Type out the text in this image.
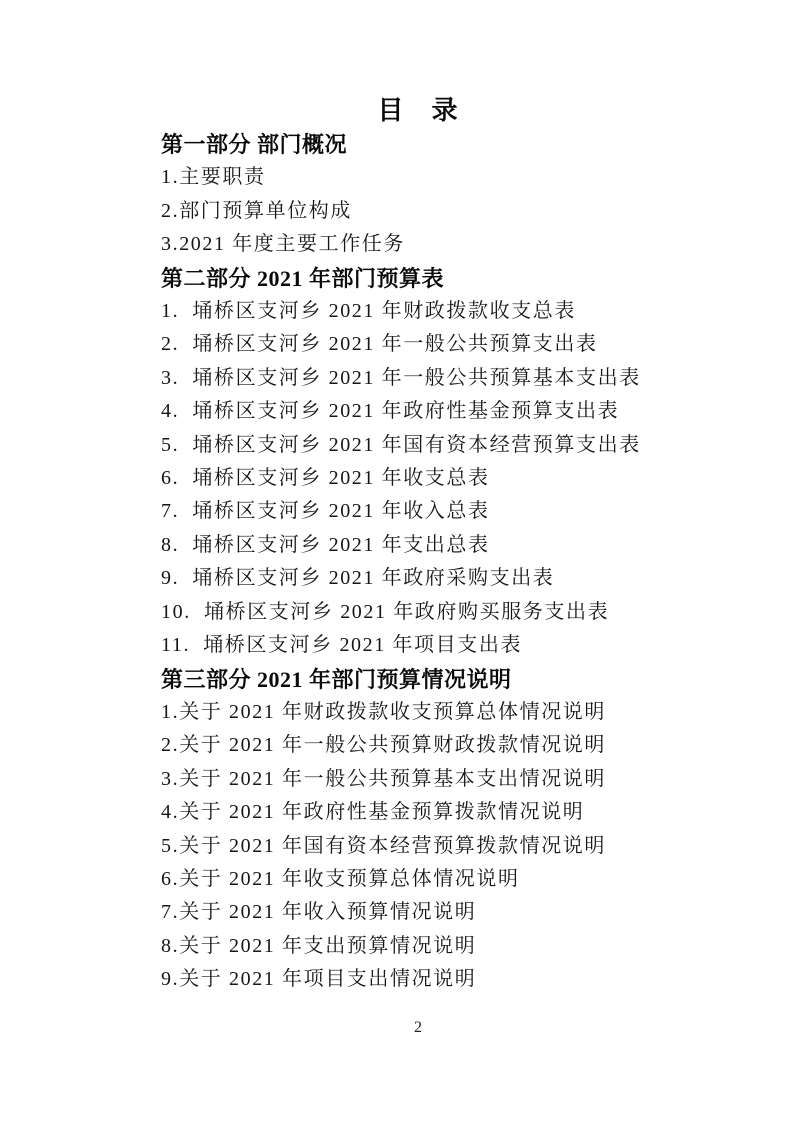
目　录
第一部分 部门概况
1.主要职责
2.部门预算单位构成
3.2021 年度主要工作任务
第二部分 2021 年部门预算表
1.  埇桥区支河乡 2021 年财政拨款收支总表
2.  埇桥区支河乡 2021 年一般公共预算支出表
3.  埇桥区支河乡 2021 年一般公共预算基本支出表
4.  埇桥区支河乡 2021 年政府性基金预算支出表
5.  埇桥区支河乡 2021 年国有资本经营预算支出表
6.  埇桥区支河乡 2021 年收支总表
7.  埇桥区支河乡 2021 年收入总表
8.  埇桥区支河乡 2021 年支出总表
9.  埇桥区支河乡 2021 年政府采购支出表
10.  埇桥区支河乡 2021 年政府购买服务支出表
11.  埇桥区支河乡 2021 年项目支出表
第三部分 2021 年部门预算情况说明
1.关于 2021 年财政拨款收支预算总体情况说明
2.关于 2021 年一般公共预算财政拨款情况说明
3.关于 2021 年一般公共预算基本支出情况说明
4.关于 2021 年政府性基金预算拨款情况说明
5.关于 2021 年国有资本经营预算拨款情况说明
6.关于 2021 年收支预算总体情况说明
7.关于 2021 年收入预算情况说明
8.关于 2021 年支出预算情况说明
9.关于 2021 年项目支出情况说明
2
